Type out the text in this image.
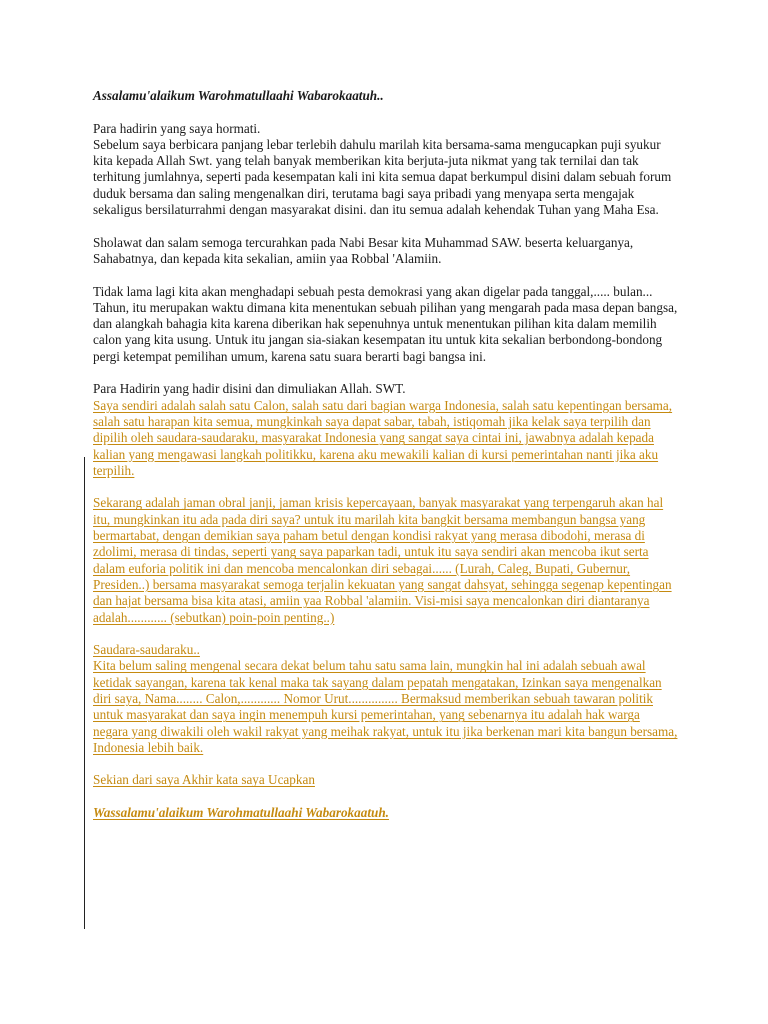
Assalamu'alaikum Warohmatullaahi Wabarokaatuh..

Para hadirin yang saya hormati.

Sebelum saya berbicara panjang lebar terlebih dahulu marilah kita bersama-sama mengucapkan puji syukur kita kepada Allah Swt. yang telah banyak memberikan kita berjuta-juta nikmat yang tak ternilai dan tak terhitung jumlahnya, seperti pada kesempatan kali ini kita semua dapat berkumpul disini dalam sebuah forum duduk bersama dan saling mengenalkan diri, terutama bagi saya pribadi yang menyapa serta mengajak sekaligus bersilaturrahmi dengan masyarakat disini. dan itu semua adalah kehendak Tuhan yang Maha Esa.

Sholawat dan salam semoga tercurahkan pada Nabi Besar kita Muhammad SAW. beserta keluarganya, Sahabatnya, dan kepada kita sekalian, amiin yaa Robbal 'Alamiin.

Tidak lama lagi kita akan menghadapi sebuah pesta demokrasi yang akan digelar pada tanggal,..... bulan... Tahun, itu merupakan waktu dimana kita menentukan sebuah pilihan yang mengarah pada masa depan bangsa, dan alangkah bahagia kita karena diberikan hak sepenuhnya untuk menentukan pilihan kita dalam memilih calon yang kita usung. Untuk itu jangan sia-siakan kesempatan itu untuk kita sekalian berbondong-bondong pergi ketempat pemilihan umum, karena satu suara berarti bagi bangsa ini.

Para Hadirin yang hadir disini dan dimuliakan Allah. SWT.

Saya sendiri adalah salah satu Calon, salah satu dari bagian warga Indonesia, salah satu kepentingan bersama, salah satu harapan kita semua, mungkinkah saya dapat sabar, tabah, istiqomah jika kelak saya terpilih dan dipilih oleh saudara-saudaraku, masyarakat Indonesia yang sangat saya cintai ini, jawabnya adalah kepada kalian yang mengawasi langkah politikku, karena aku mewakili kalian di kursi pemerintahan nanti jika aku terpilih.

Sekarang adalah jaman obral janji, jaman krisis kepercayaan, banyak masyarakat yang terpengaruh akan hal itu, mungkinkan itu ada pada diri saya? untuk itu marilah kita bangkit bersama membangun bangsa yang bermartabat, dengan demikian saya paham betul dengan kondisi rakyat yang merasa dibodohi, merasa di zdolimi, merasa di tindas, seperti yang saya paparkan tadi, untuk itu saya sendiri akan mencoba ikut serta dalam euforia politik ini dan mencoba mencalonkan diri sebagai...... (Lurah, Caleg, Bupati, Gubernur, Presiden..) bersama masyarakat semoga terjalin kekuatan yang sangat dahsyat, sehingga segenap kepentingan dan hajat bersama bisa kita atasi, amiin yaa Robbal 'alamiin. Visi-misi saya mencalonkan diri diantaranya adalah............ (sebutkan) poin-poin penting..)

Saudara-saudaraku..

Kita belum saling mengenal secara dekat belum tahu satu sama lain, mungkin hal ini adalah sebuah awal ketidak sayangan, karena tak kenal maka tak sayang dalam pepatah mengatakan, Izinkan saya mengenalkan diri saya, Nama........ Calon,............ Nomor Urut............... Bermaksud memberikan sebuah tawaran politik untuk masyarakat dan saya ingin menempuh kursi pemerintahan, yang sebenarnya itu adalah hak warga negara yang diwakili oleh wakil rakyat yang meihak rakyat, untuk itu jika berkenan mari kita bangun bersama, Indonesia lebih baik.

Sekian dari saya Akhir kata saya Ucapkan

Wassalamu'alaikum Warohmatullaahi Wabarokaatuh.
